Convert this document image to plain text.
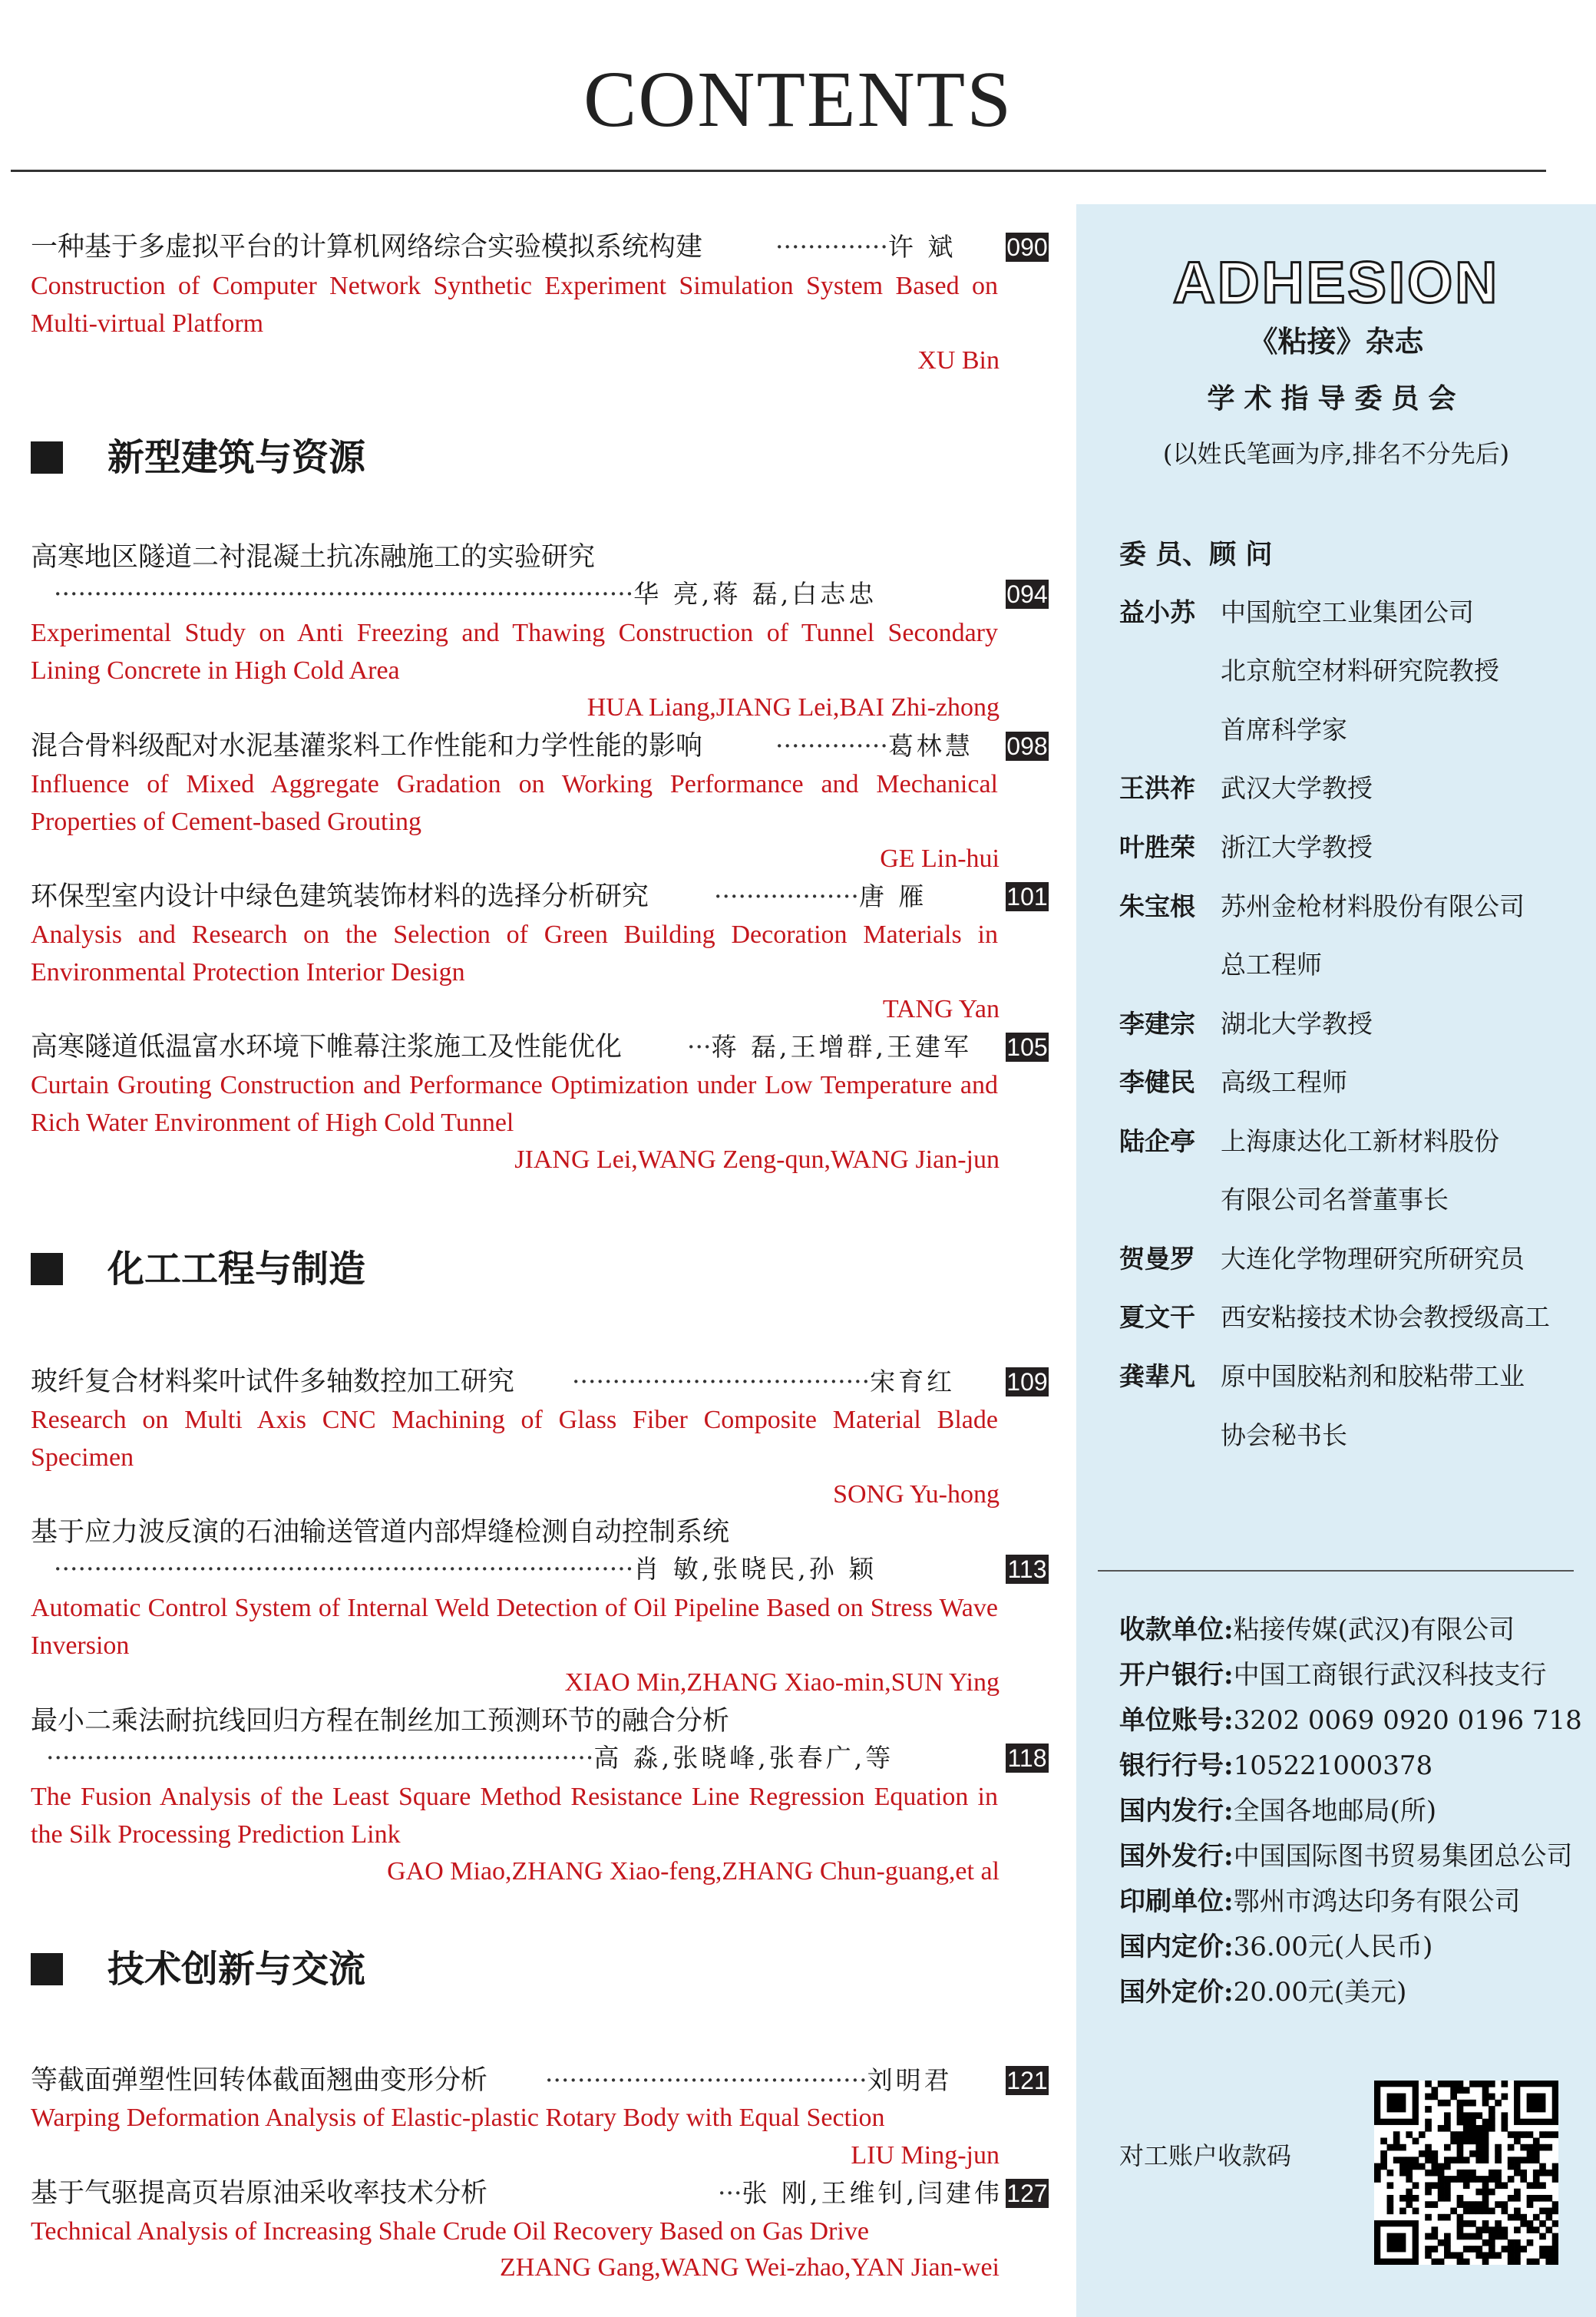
CONTENTS
一种基于多虚拟平台的计算机网络综合实验模拟系统构建	··············许 斌 090
Construction of Computer Network Synthetic Experiment Simulation System Based on Multi-virtual Platform
XU Bin
新型建筑与资源
高寒地区隧道二衬混凝土抗冻融施工的实验研究
········································································华 亮,蒋 磊,白志忠	094
Experimental Study on Anti Freezing and Thawing Construction of Tunnel Secondary Lining Concrete in High Cold Area
HUA Liang,JIANG Lei,BAI Zhi-zhong
混合骨料级配对水泥基灌浆料工作性能和力学性能的影响	··············葛林慧 098
Influence of Mixed Aggregate Gradation on Working Performance and Mechanical Properties of Cement-based Grouting
GE Lin-hui
环保型室内设计中绿色建筑装饰材料的选择分析研究	··················唐 雁	101
Analysis and Research on the Selection of Green Building Decoration Materials in Environmental Protection Interior Design
TANG Yan
高寒隧道低温富水环境下帷幕注浆施工及性能优化	···蒋 磊,王增群,王建军 105
Curtain Grouting Construction and Performance Optimization under Low Temperature and Rich Water Environment of High Cold Tunnel
JIANG Lei,WANG Zeng-qun,WANG Jian-jun
化工工程与制造
玻纤复合材料桨叶试件多轴数控加工研究 ·····································宋育红 109
Research on Multi Axis CNC Machining of Glass Fiber Composite Material Blade Specimen
SONG Yu-hong
基于应力波反演的石油输送管道内部焊缝检测自动控制系统
········································································肖 敏,张晓民,孙 颖	113
Automatic Control System of Internal Weld Detection of Oil Pipeline Based on Stress Wave Inversion
XIAO Min,ZHANG Xiao-min,SUN Ying
最小二乘法耐抗线回归方程在制丝加工预测环节的融合分析
····································································高 淼,张晓峰,张春广,等	118
The Fusion Analysis of the Least Square Method Resistance Line Regression Equation in the Silk Processing Prediction Link
GAO Miao,ZHANG Xiao-feng,ZHANG Chun-guang,et al
技术创新与交流
等截面弹塑性回转体截面翘曲变形分析 ········································刘明君 121
Warping Deformation Analysis of Elastic-plastic Rotary Body with Equal Section
LIU Ming-jun
基于气驱提高页岩原油采收率技术分析	···张 刚,王维钊,闫建伟 127
Technical Analysis of Increasing Shale Crude Oil Recovery Based on Gas Drive
ZHANG Gang,WANG Wei-zhao,YAN Jian-wei
ADHESION
《粘接》杂志
学术指导委员会
(以姓氏笔画为序,排名不分先后)
委 员、顾 问
益小苏 中国航空工业集团公司
北京航空材料研究院教授
首席科学家
王洪祚 武汉大学教授
叶胜荣 浙江大学教授
朱宝根 苏州金枪材料股份有限公司
总工程师
李建宗 湖北大学教授
李健民 高级工程师
陆企亭 上海康达化工新材料股份
有限公司名誉董事长
贺曼罗 大连化学物理研究所研究员
夏文干 西安粘接技术协会教授级高工
龚辈凡 原中国胶粘剂和胶粘带工业
协会秘书长
收款单位:粘接传媒(武汉)有限公司
开户银行:中国工商银行武汉科技支行
单位账号:3202 0069 0920 0196 718
银行行号:105221000378
国内发行:全国各地邮局(所)
国外发行:中国国际图书贸易集团总公司
印刷单位:鄂州市鸿达印务有限公司
国内定价:36.00元(人民币)
国外定价:20.00元(美元)
对工账户收款码
